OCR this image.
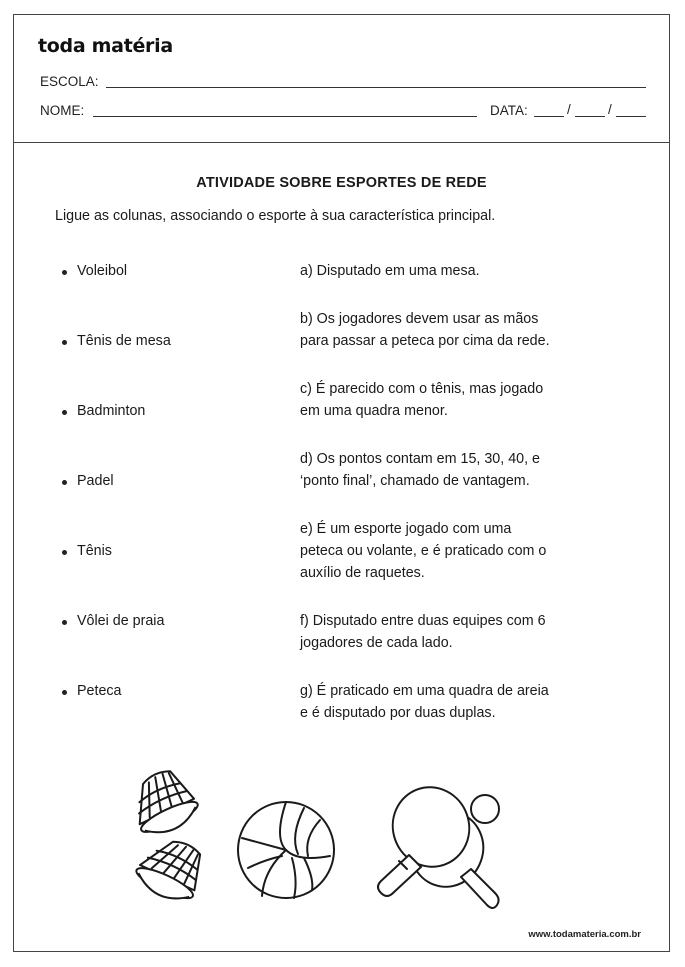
toda matéria
ESCOLA:
NOME:	DATA:	/	/
ATIVIDADE SOBRE ESPORTES DE REDE
Ligue as colunas, associando o esporte à sua característica principal.
Voleibol
Tênis de mesa
Badminton
Padel
Tênis
Vôlei de praia
Peteca
a) Disputado em uma mesa.
b) Os jogadores devem usar as mãos
para passar a peteca por cima da rede.
c) É parecido com o tênis, mas jogado
em uma quadra menor.
d) Os pontos contam em 15, 30, 40, e
‘ponto final’, chamado de vantagem.
e) É um esporte jogado com uma
peteca ou volante, e é praticado com o
auxílio de raquetes.
f) Disputado entre duas equipes com 6
jogadores de cada lado.
g) É praticado em uma quadra de areia
e é disputado por duas duplas.
www.todamateria.com.br
